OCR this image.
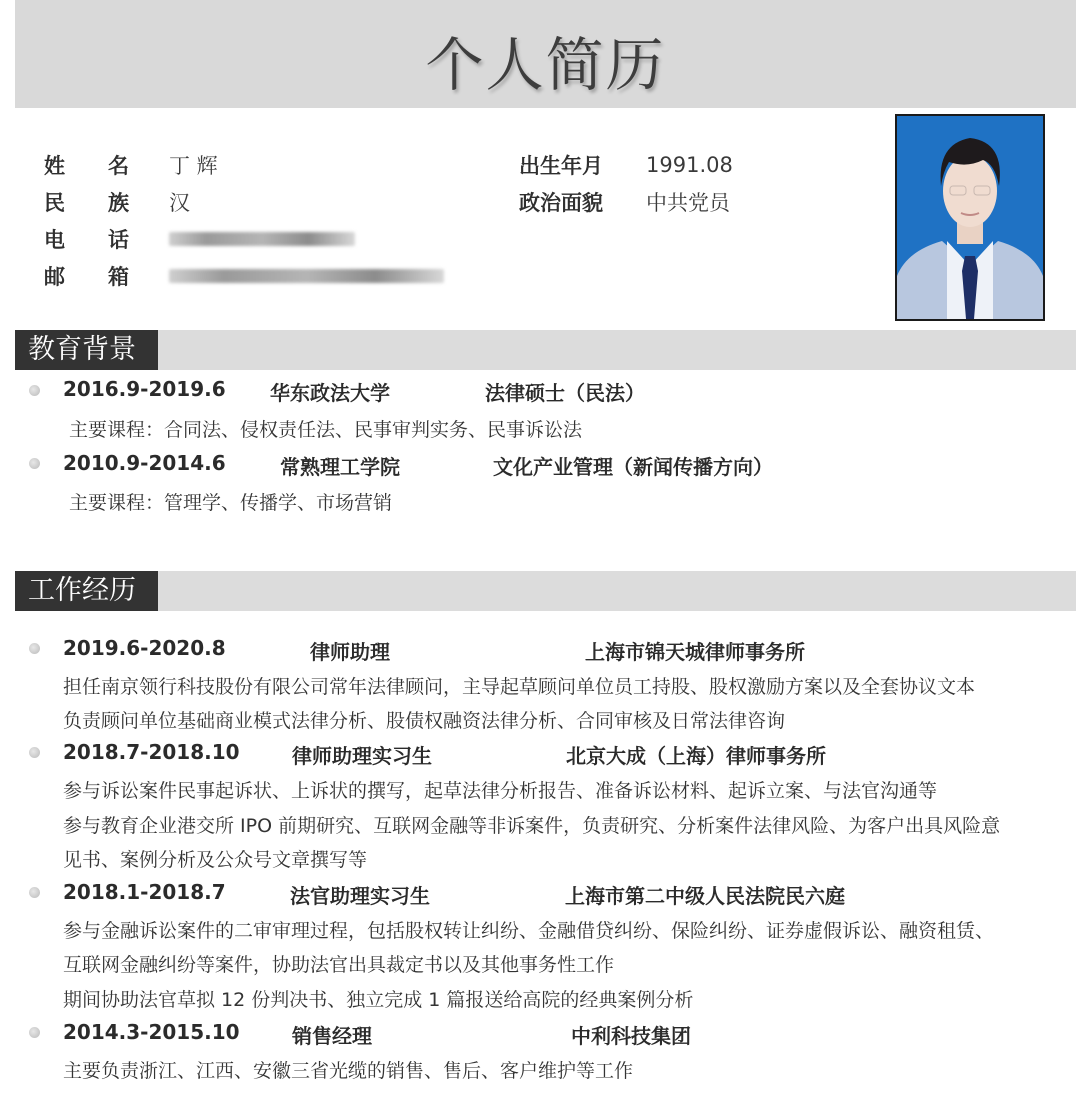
个人简历
姓 名 丁 辉
民 族 汉
电 话
邮 箱
出生年月	1991.08
政治面貌	中共党员
教育背景
2016.9-2019.6 华东政法大学	法律硕士（民法）
主要课程：合同法、侵权责任法、民事审判实务、民事诉讼法
2010.9-2014.6	常熟理工学院	文化产业管理（新闻传播方向）
主要课程：管理学、传播学、市场营销
工作经历
2019.6-2020.8	律师助理	上海市锦天城律师事务所
担任南京领行科技股份有限公司常年法律顾问，主导起草顾问单位员工持股、股权激励方案以及全套协议文本
负责顾问单位基础商业模式法律分析、股债权融资法律分析、合同审核及日常法律咨询
2018.7-2018.10	律师助理实习生	北京大成（上海）律师事务所
参与诉讼案件民事起诉状、上诉状的撰写，起草法律分析报告、准备诉讼材料、起诉立案、与法官沟通等
参与教育企业港交所 IPO 前期研究、互联网金融等非诉案件，负责研究、分析案件法律风险、为客户出具风险意
见书、案例分析及公众号文章撰写等
2018.1-2018.7	法官助理实习生	上海市第二中级人民法院民六庭
参与金融诉讼案件的二审审理过程，包括股权转让纠纷、金融借贷纠纷、保险纠纷、证券虚假诉讼、融资租赁、
互联网金融纠纷等案件，协助法官出具裁定书以及其他事务性工作
期间协助法官草拟 12 份判决书、独立完成 1 篇报送给高院的经典案例分析
2014.3-2015.10	销售经理	中利科技集团
主要负责浙江、江西、安徽三省光缆的销售、售后、客户维护等工作
